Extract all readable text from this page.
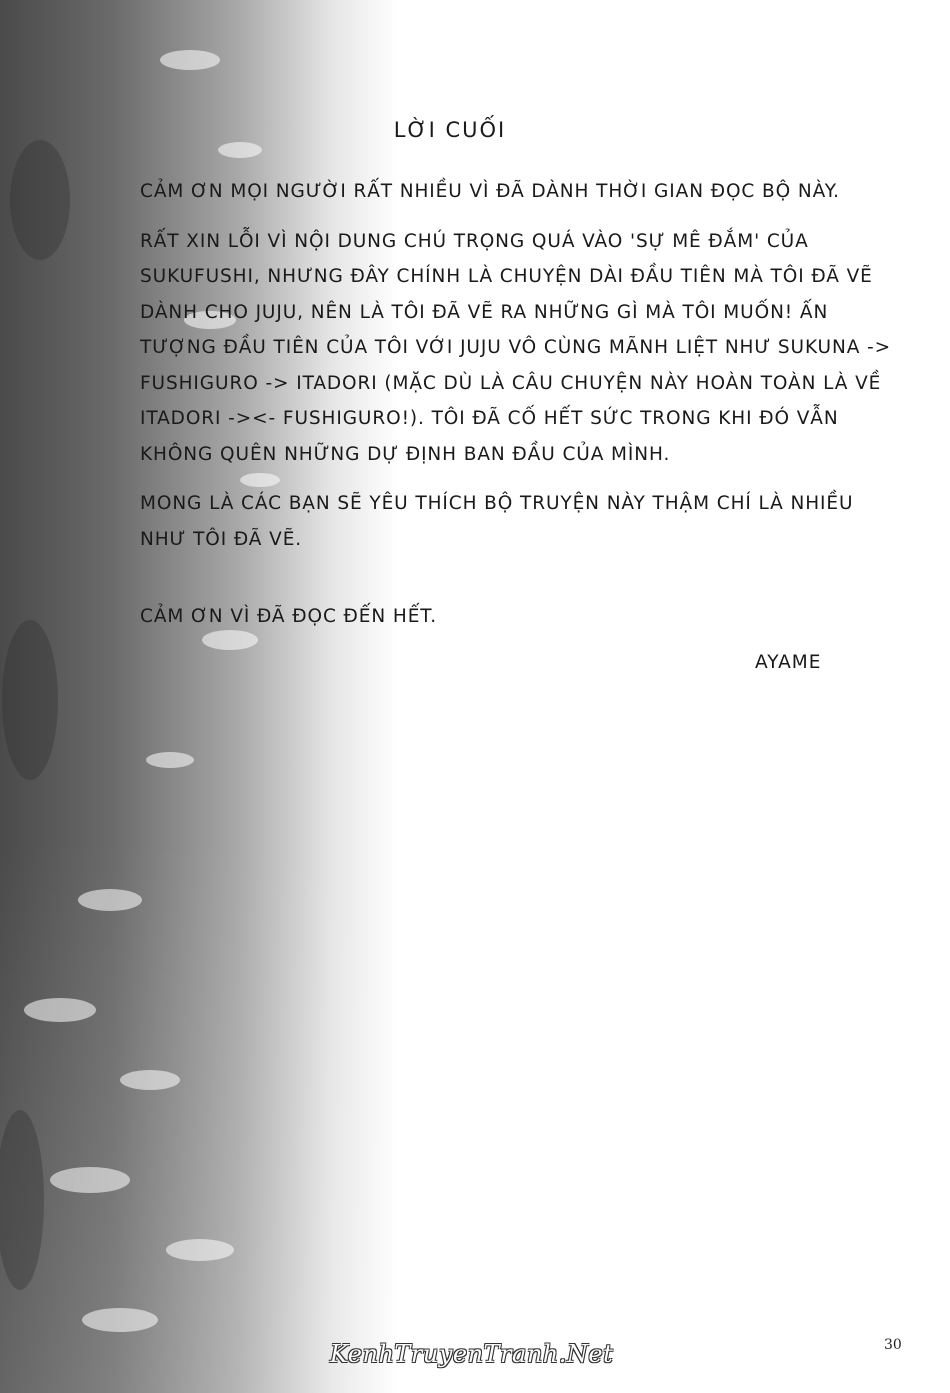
LỜI CUỐI

CẢM ƠN MỌI NGƯỜI RẤT NHIỀU VÌ ĐÃ DÀNH THỜI GIAN ĐỌC BỘ NÀY.

RẤT XIN LỖI VÌ NỘI DUNG CHÚ TRỌNG QUÁ VÀO 'SỰ MÊ ĐẮM' CỦA SUKUFUSHI, NHƯNG ĐÂY CHÍNH LÀ CHUYỆN DÀI ĐẦU TIÊN MÀ TÔI ĐÃ VẼ DÀNH CHO JUJU, NÊN LÀ TÔI ĐÃ VẼ RA NHỮNG GÌ MÀ TÔI MUỐN! ẤN TƯỢNG ĐẦU TIÊN CỦA TÔI VỚI JUJU VÔ CÙNG MÃNH LIỆT NHƯ SUKUNA -> FUSHIGURO -> ITADORI (MẶC DÙ LÀ CÂU CHUYỆN NÀY HOÀN TOÀN LÀ VỀ ITADORI -><- FUSHIGURO!). TÔI ĐÃ CỐ HẾT SỨC TRONG KHI ĐÓ VẪN KHÔNG QUÊN NHỮNG DỰ ĐỊNH BAN ĐẦU CỦA MÌNH.

MONG LÀ CÁC BẠN SẼ YÊU THÍCH BỘ TRUYỆN NÀY THẬM CHÍ LÀ NHIỀU NHƯ TÔI ĐÃ VẼ.

CẢM ƠN VÌ ĐÃ ĐỌC ĐẾN HẾT.

AYAME
KenhTruyenTranh.Net	30
